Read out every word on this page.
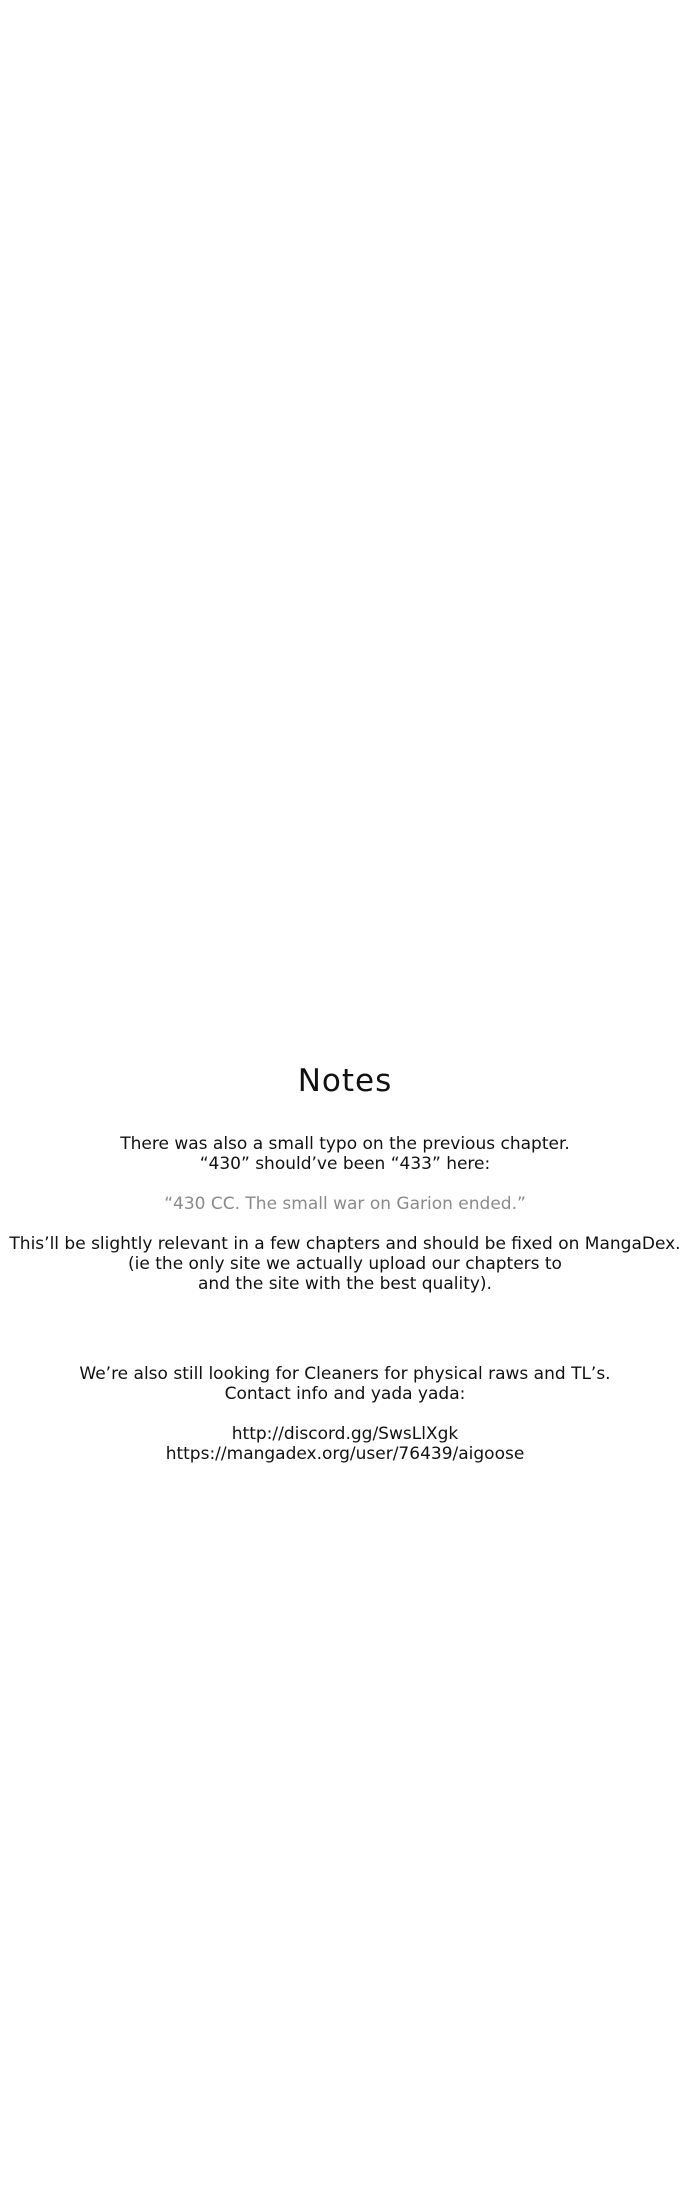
Notes
There was also a small typo on the previous chapter.
“430” should’ve been “433” here:
“430 CC. The small war on Garion ended.”
This’ll be slightly relevant in a few chapters and should be fixed on MangaDex.
(ie the only site we actually upload our chapters to
and the site with the best quality).
We’re also still looking for Cleaners for physical raws and TL’s.
Contact info and yada yada:
http://discord.gg/SwsLlXgk
https://mangadex.org/user/76439/aigoose
